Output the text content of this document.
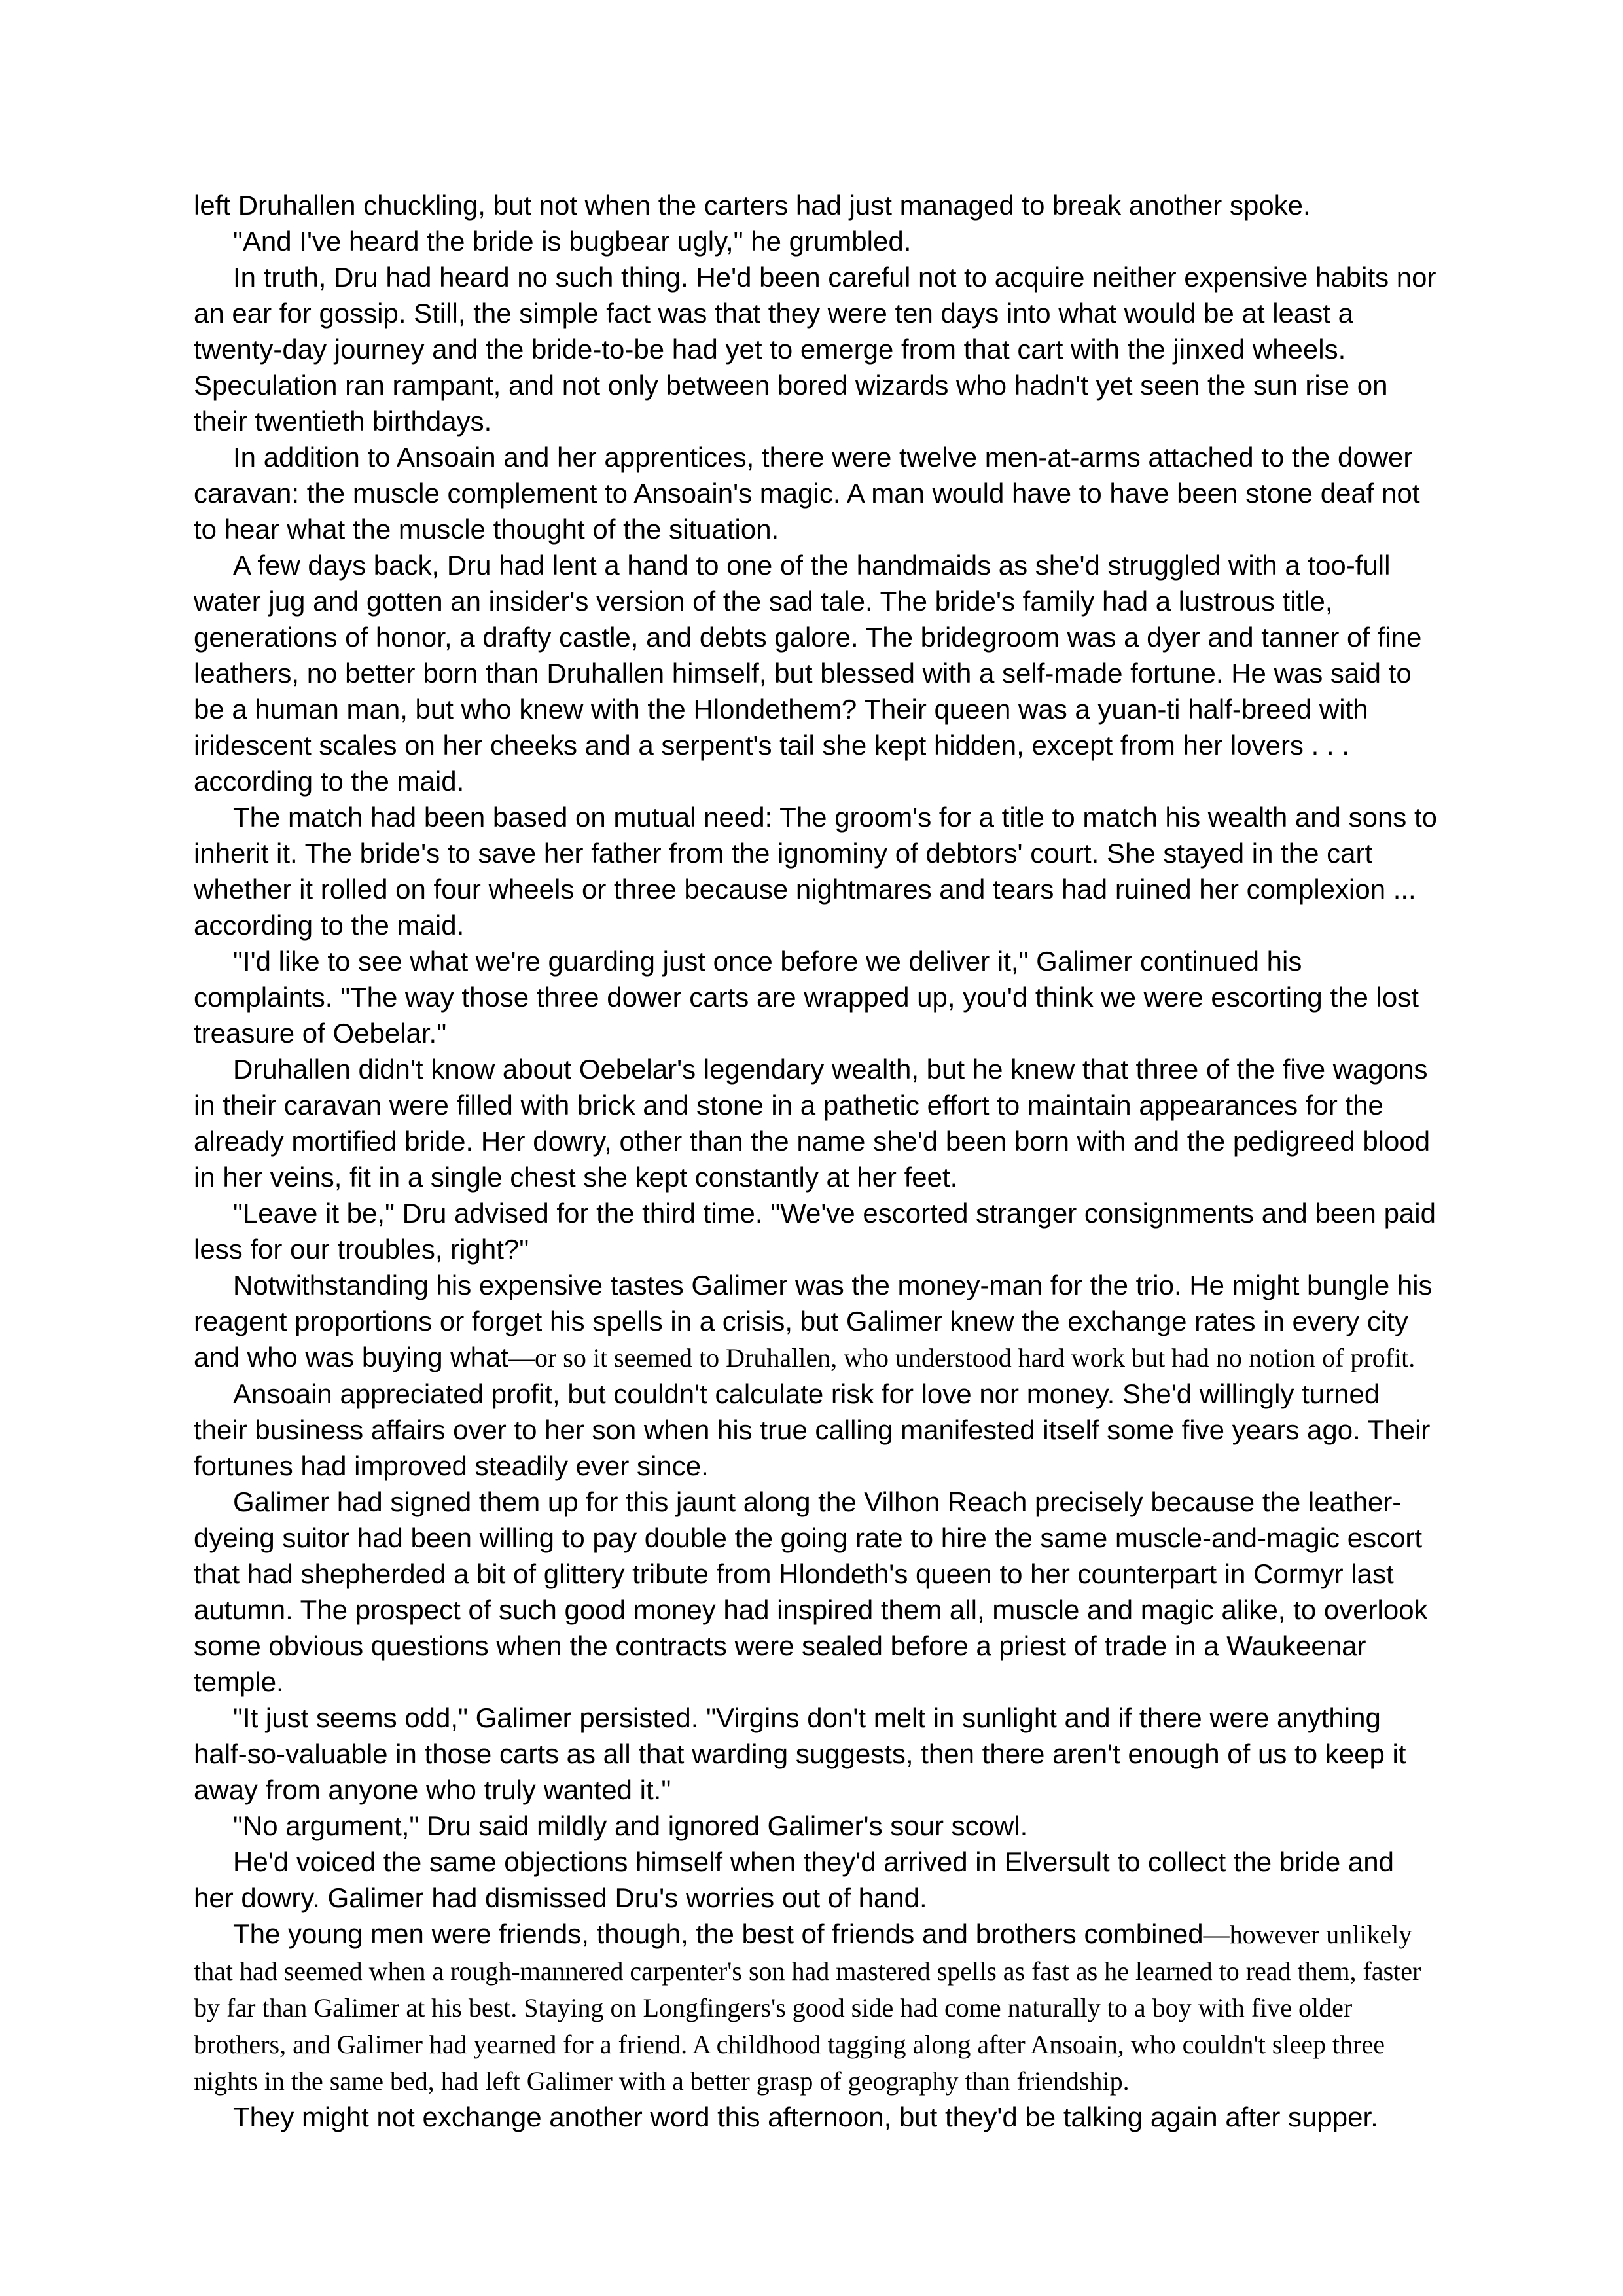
left Druhallen chuckling, but not when the carters had just managed to break another spoke.

"And I've heard the bride is bugbear ugly," he grumbled.

In truth, Dru had heard no such thing. He'd been careful not to acquire neither expensive habits nor an ear for gossip. Still, the simple fact was that they were ten days into what would be at least a twenty-day journey and the bride-to-be had yet to emerge from that cart with the jinxed wheels. Speculation ran rampant, and not only between bored wizards who hadn't yet seen the sun rise on their twentieth birthdays.

In addition to Ansoain and her apprentices, there were twelve men-at-arms attached to the dower caravan: the muscle complement to Ansoain's magic. A man would have to have been stone deaf not to hear what the muscle thought of the situation.

A few days back, Dru had lent a hand to one of the handmaids as she'd struggled with a too-full water jug and gotten an insider's version of the sad tale. The bride's family had a lustrous title, generations of honor, a drafty castle, and debts galore. The bridegroom was a dyer and tanner of fine leathers, no better born than Druhallen himself, but blessed with a self-made fortune. He was said to be a human man, but who knew with the Hlondethem? Their queen was a yuan-ti half-breed with iridescent scales on her cheeks and a serpent's tail she kept hidden, except from her lovers . . . according to the maid.

The match had been based on mutual need: The groom's for a title to match his wealth and sons to inherit it. The bride's to save her father from the ignominy of debtors' court. She stayed in the cart whether it rolled on four wheels or three because nightmares and tears had ruined her complexion ... according to the maid.

"I'd like to see what we're guarding just once before we deliver it," Galimer continued his complaints. "The way those three dower carts are wrapped up, you'd think we were escorting the lost treasure of Oebelar."

Druhallen didn't know about Oebelar's legendary wealth, but he knew that three of the five wagons in their caravan were filled with brick and stone in a pathetic effort to maintain appearances for the already mortified bride. Her dowry, other than the name she'd been born with and the pedigreed blood in her veins, fit in a single chest she kept constantly at her feet.

"Leave it be," Dru advised for the third time. "We've escorted stranger consignments and been paid less for our troubles, right?"

Notwithstanding his expensive tastes Galimer was the money-man for the trio. He might bungle his reagent proportions or forget his spells in a crisis, but Galimer knew the exchange rates in every city and who was buying what—or so it seemed to Druhallen, who understood hard work but had no notion of profit.

Ansoain appreciated profit, but couldn't calculate risk for love nor money. She'd willingly turned their business affairs over to her son when his true calling manifested itself some five years ago. Their fortunes had improved steadily ever since.

Galimer had signed them up for this jaunt along the Vilhon Reach precisely because the leather-dyeing suitor had been willing to pay double the going rate to hire the same muscle-and-magic escort that had shepherded a bit of glittery tribute from Hlondeth's queen to her counterpart in Cormyr last autumn. The prospect of such good money had inspired them all, muscle and magic alike, to overlook some obvious questions when the contracts were sealed before a priest of trade in a Waukeenar temple.

"It just seems odd," Galimer persisted. "Virgins don't melt in sunlight and if there were anything half-so-valuable in those carts as all that warding suggests, then there aren't enough of us to keep it away from anyone who truly wanted it."

"No argument," Dru said mildly and ignored Galimer's sour scowl.

He'd voiced the same objections himself when they'd arrived in Elversult to collect the bride and her dowry. Galimer had dismissed Dru's worries out of hand.

The young men were friends, though, the best of friends and brothers combined—however unlikely that had seemed when a rough-mannered carpenter's son had mastered spells as fast as he learned to read them, faster by far than Galimer at his best. Staying on Longfingers's good side had come naturally to a boy with five older brothers, and Galimer had yearned for a friend. A childhood tagging along after Ansoain, who couldn't sleep three nights in the same bed, had left Galimer with a better grasp of geography than friendship.

They might not exchange another word this afternoon, but they'd be talking again after supper.
